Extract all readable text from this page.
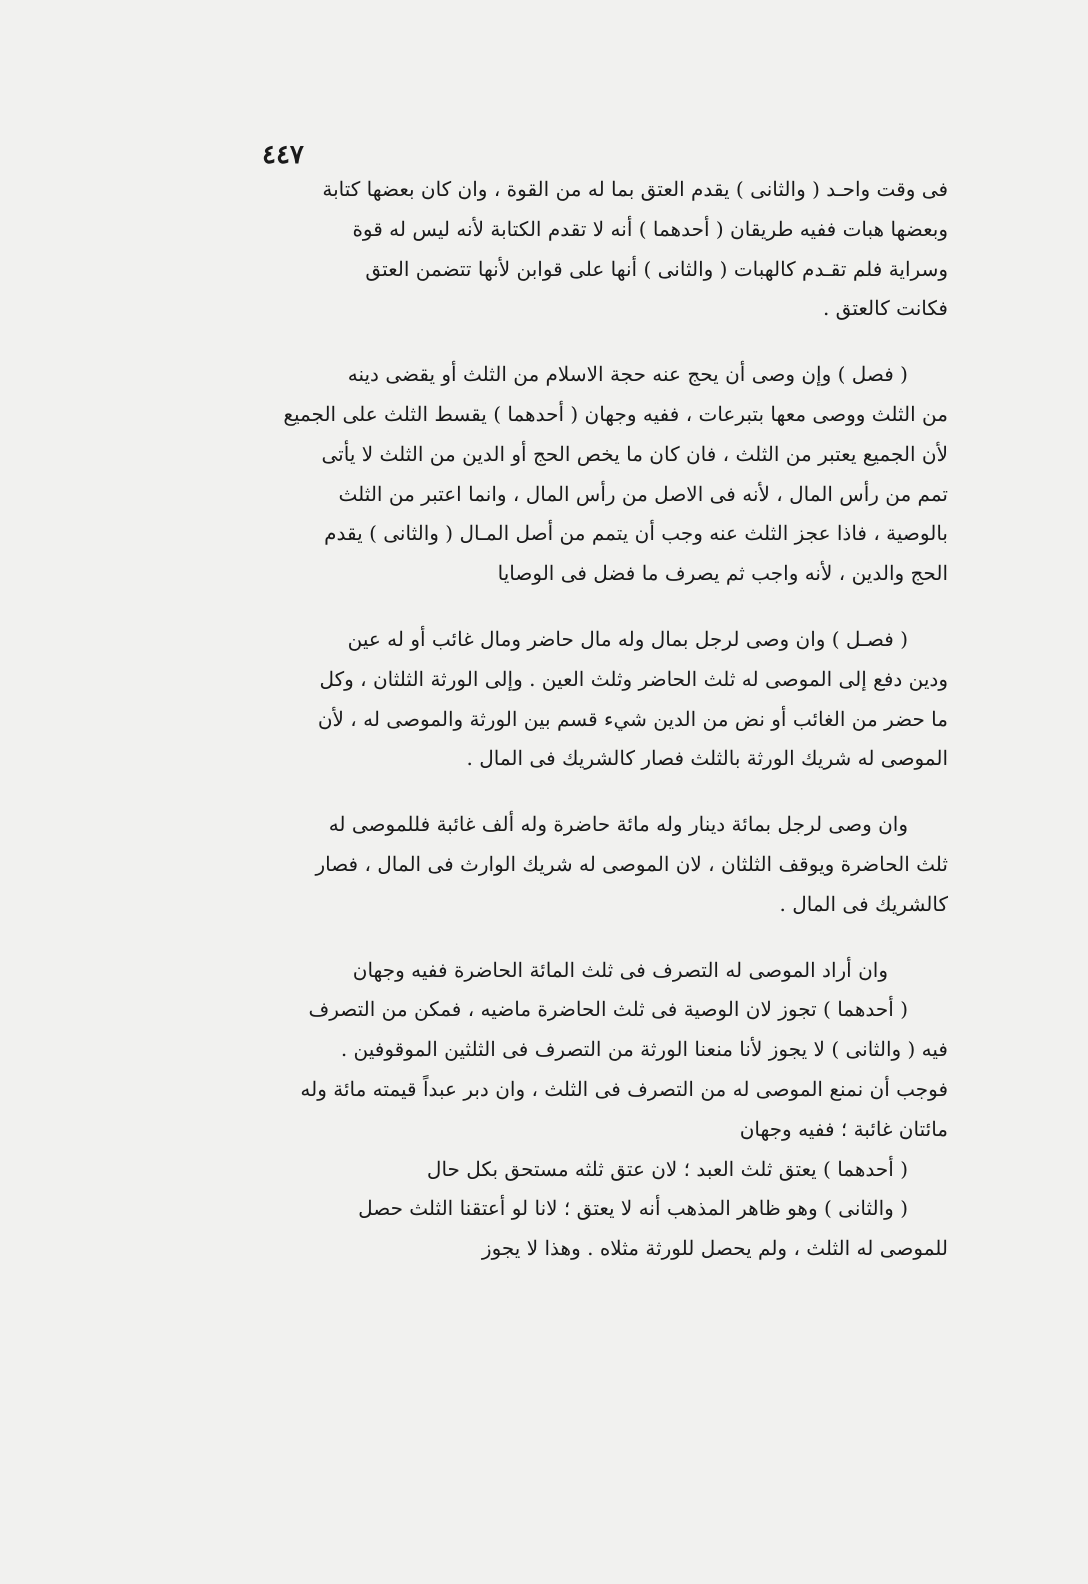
٤٤٧
فى وقت واحـد ( والثانى ) يقدم العتق بما له من القوة ، وان كان بعضها كتابة
وبعضها هبات ففيه طريقان ( أحدهما ) أنه لا تقدم الكتابة لأنه ليس له قوة
وسراية فلم تقـدم كالهبات ( والثانى ) أنها على قوابن لأنها تتضمن العتق
فكانت كالعتق .
( فصل ) وإن وصى أن يحج عنه حجة الاسلام من الثلث أو يقضى دينه
من الثلث ووصى معها بتبرعات ، ففيه وجهان ( أحدهما ) يقسط الثلث على الجميع
لأن الجميع يعتبر من الثلث ، فان كان ما يخص الحج أو الدين من الثلث لا يأتى
تمم من رأس المال ، لأنه فى الاصل من رأس المال ، وانما اعتبر من الثلث
بالوصية ، فاذا عجز الثلث عنه وجب أن يتمم من أصل المـال ( والثانى ) يقدم
الحج والدين ، لأنه واجب ثم يصرف ما فضل فى الوصايا
( فصـل ) وان وصى لرجل بمال وله مال حاضر ومال غائب أو له عين
ودين دفع إلى الموصى له ثلث الحاضر وثلث العين . وإلى الورثة الثلثان ، وكل
ما حضر من الغائب أو نض من الدين شيء قسم بين الورثة والموصى له ، لأن
الموصى له شريك الورثة بالثلث فصار كالشريك فى المال .
وان وصى لرجل بمائة دينار وله مائة حاضرة وله ألف غائبة فللموصى له
ثلث الحاضرة ويوقف الثلثان ، لان الموصى له شريك الوارث فى المال ، فصار
كالشريك فى المال .
وان أراد الموصى له التصرف فى ثلث المائة الحاضرة ففيه وجهان
( أحدهما ) تجوز لان الوصية فى ثلث الحاضرة ماضيه ، فمكن من التصرف
فيه ( والثانى ) لا يجوز لأنا منعنا الورثة من التصرف فى الثلثين الموقوفين .
فوجب أن نمنع الموصى له من التصرف فى الثلث ، وان دبر عبداً قيمته مائة وله
مائتان غائبة ؛ ففيه وجهان
( أحدهما ) يعتق ثلث العبد ؛ لان عتق ثلثه مستحق بكل حال
( والثانى ) وهو ظاهر المذهب أنه لا يعتق ؛ لانا لو أعتقنا الثلث حصل
للموصى له الثلث ، ولم يحصل للورثة مثلاه . وهذا لا يجوز
